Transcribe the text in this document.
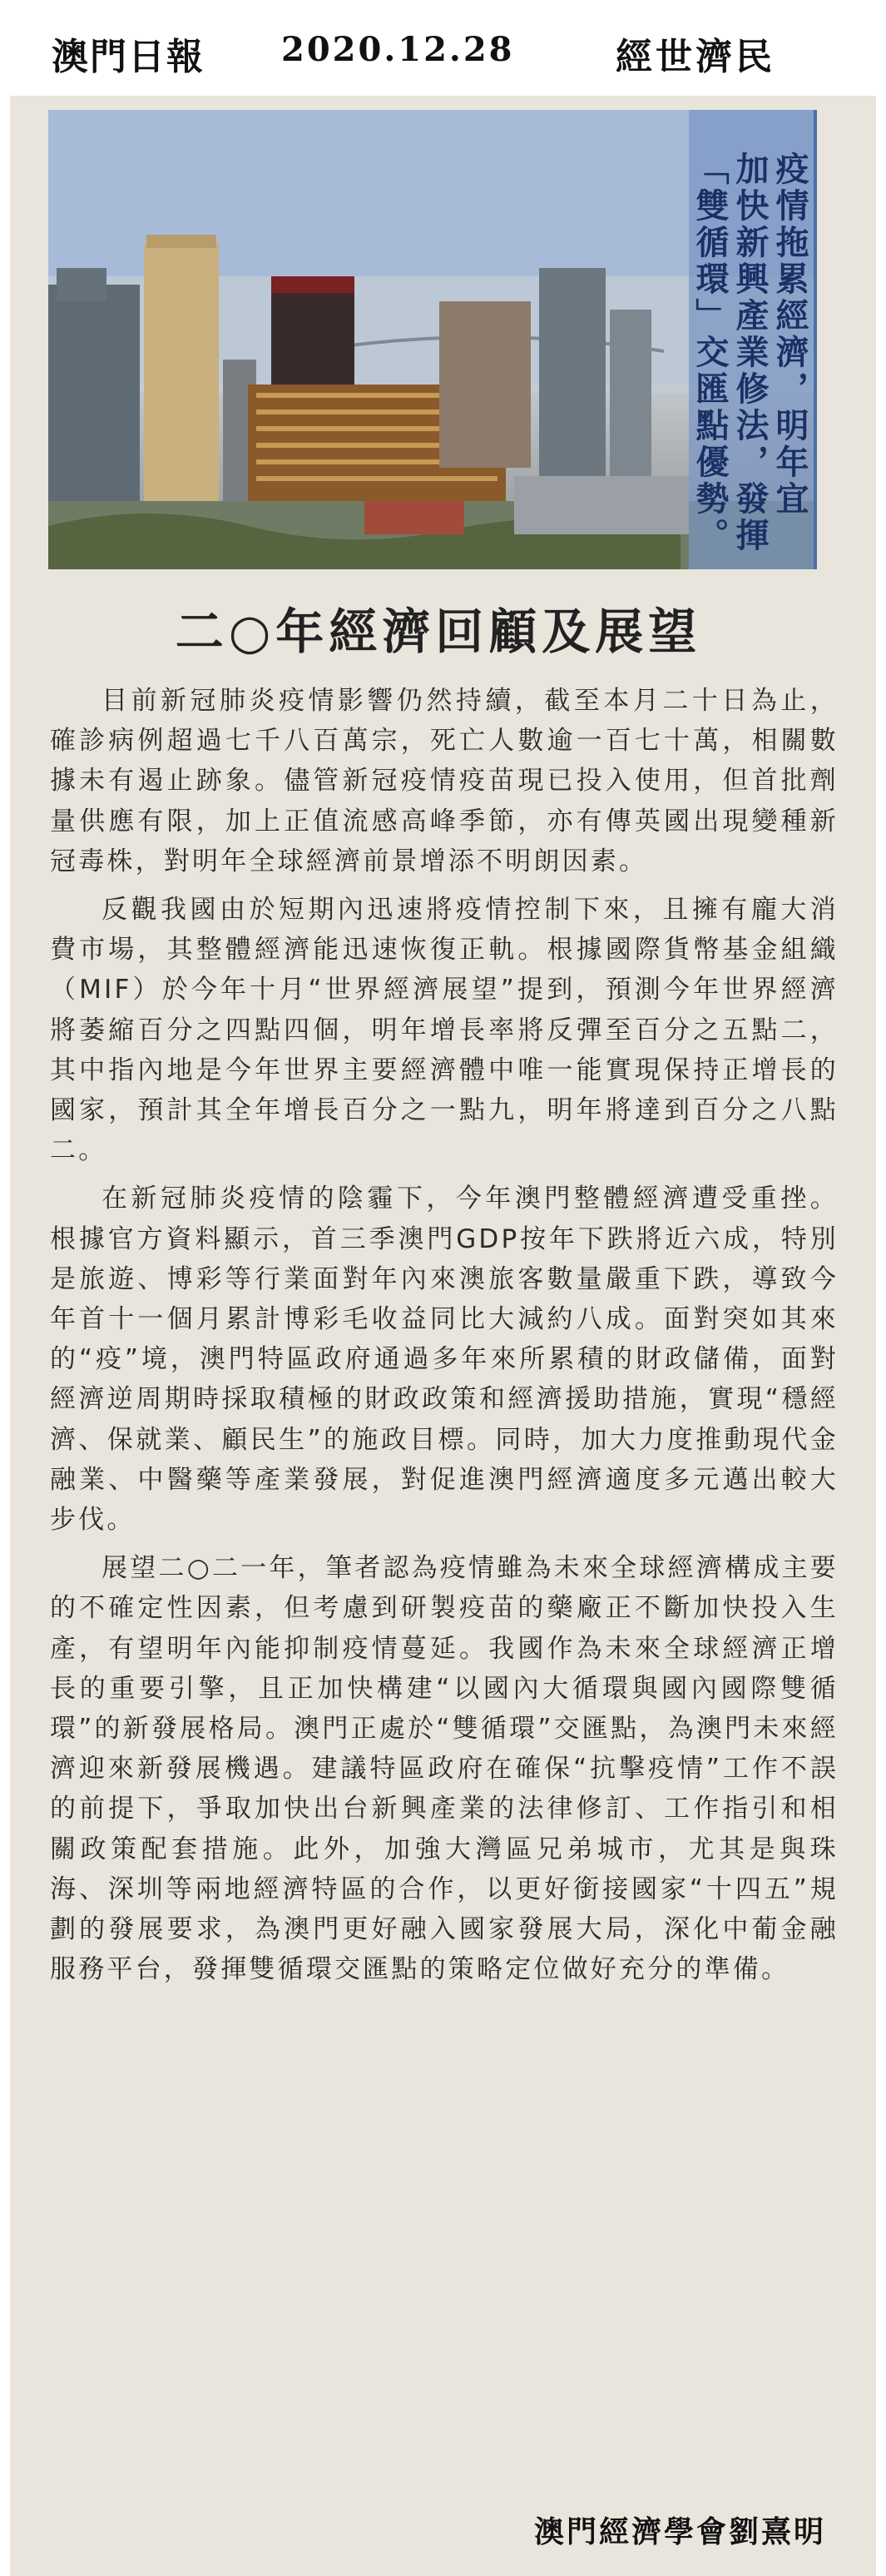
澳門日報 2020.12.28	經世濟民
疫情拖累經濟，明年宜
加快新興產業修法，發揮
「雙循環」交匯點優勢。
二○年經濟回顧及展望

目前新冠肺炎疫情影響仍然持續，截至本月二十日為止，確診病例超過七千八百萬宗，死亡人數逾一百七十萬，相關數據未有遏止跡象。儘管新冠疫情疫苗現已投入使用，但首批劑量供應有限，加上正值流感高峰季節，亦有傳英國出現變種新冠毒株，對明年全球經濟前景增添不明朗因素。

反觀我國由於短期內迅速將疫情控制下來，且擁有龐大消費市場，其整體經濟能迅速恢復正軌。根據國際貨幣基金組織（MIF）於今年十月“世界經濟展望”提到，預測今年世界經濟將萎縮百分之四點四個，明年增長率將反彈至百分之五點二，其中指內地是今年世界主要經濟體中唯一能實現保持正增長的國家，預計其全年增長百分之一點九，明年將達到百分之八點二。

在新冠肺炎疫情的陰霾下，今年澳門整體經濟遭受重挫。根據官方資料顯示，首三季澳門GDP按年下跌將近六成，特別是旅遊、博彩等行業面對年內來澳旅客數量嚴重下跌，導致今年首十一個月累計博彩毛收益同比大減約八成。面對突如其來的“疫”境，澳門特區政府通過多年來所累積的財政儲備，面對經濟逆周期時採取積極的財政政策和經濟援助措施，實現“穩經濟、保就業、顧民生”的施政目標。同時，加大力度推動現代金融業、中醫藥等產業發展，對促進澳門經濟適度多元邁出較大步伐。

展望二○二一年，筆者認為疫情雖為未來全球經濟構成主要的不確定性因素，但考慮到研製疫苗的藥廠正不斷加快投入生產，有望明年內能抑制疫情蔓延。我國作為未來全球經濟正增長的重要引擎，且正加快構建“以國內大循環與國內國際雙循環”的新發展格局。澳門正處於“雙循環”交匯點，為澳門未來經濟迎來新發展機遇。建議特區政府在確保“抗擊疫情”工作不誤的前提下，爭取加快出台新興產業的法律修訂、工作指引和相關政策配套措施。此外，加強大灣區兄弟城市，尤其是與珠海、深圳等兩地經濟特區的合作，以更好銜接國家“十四五”規劃的發展要求，為澳門更好融入國家發展大局，深化中葡金融服務平台，發揮雙循環交匯點的策略定位做好充分的準備。

澳門經濟學會劉熹明
